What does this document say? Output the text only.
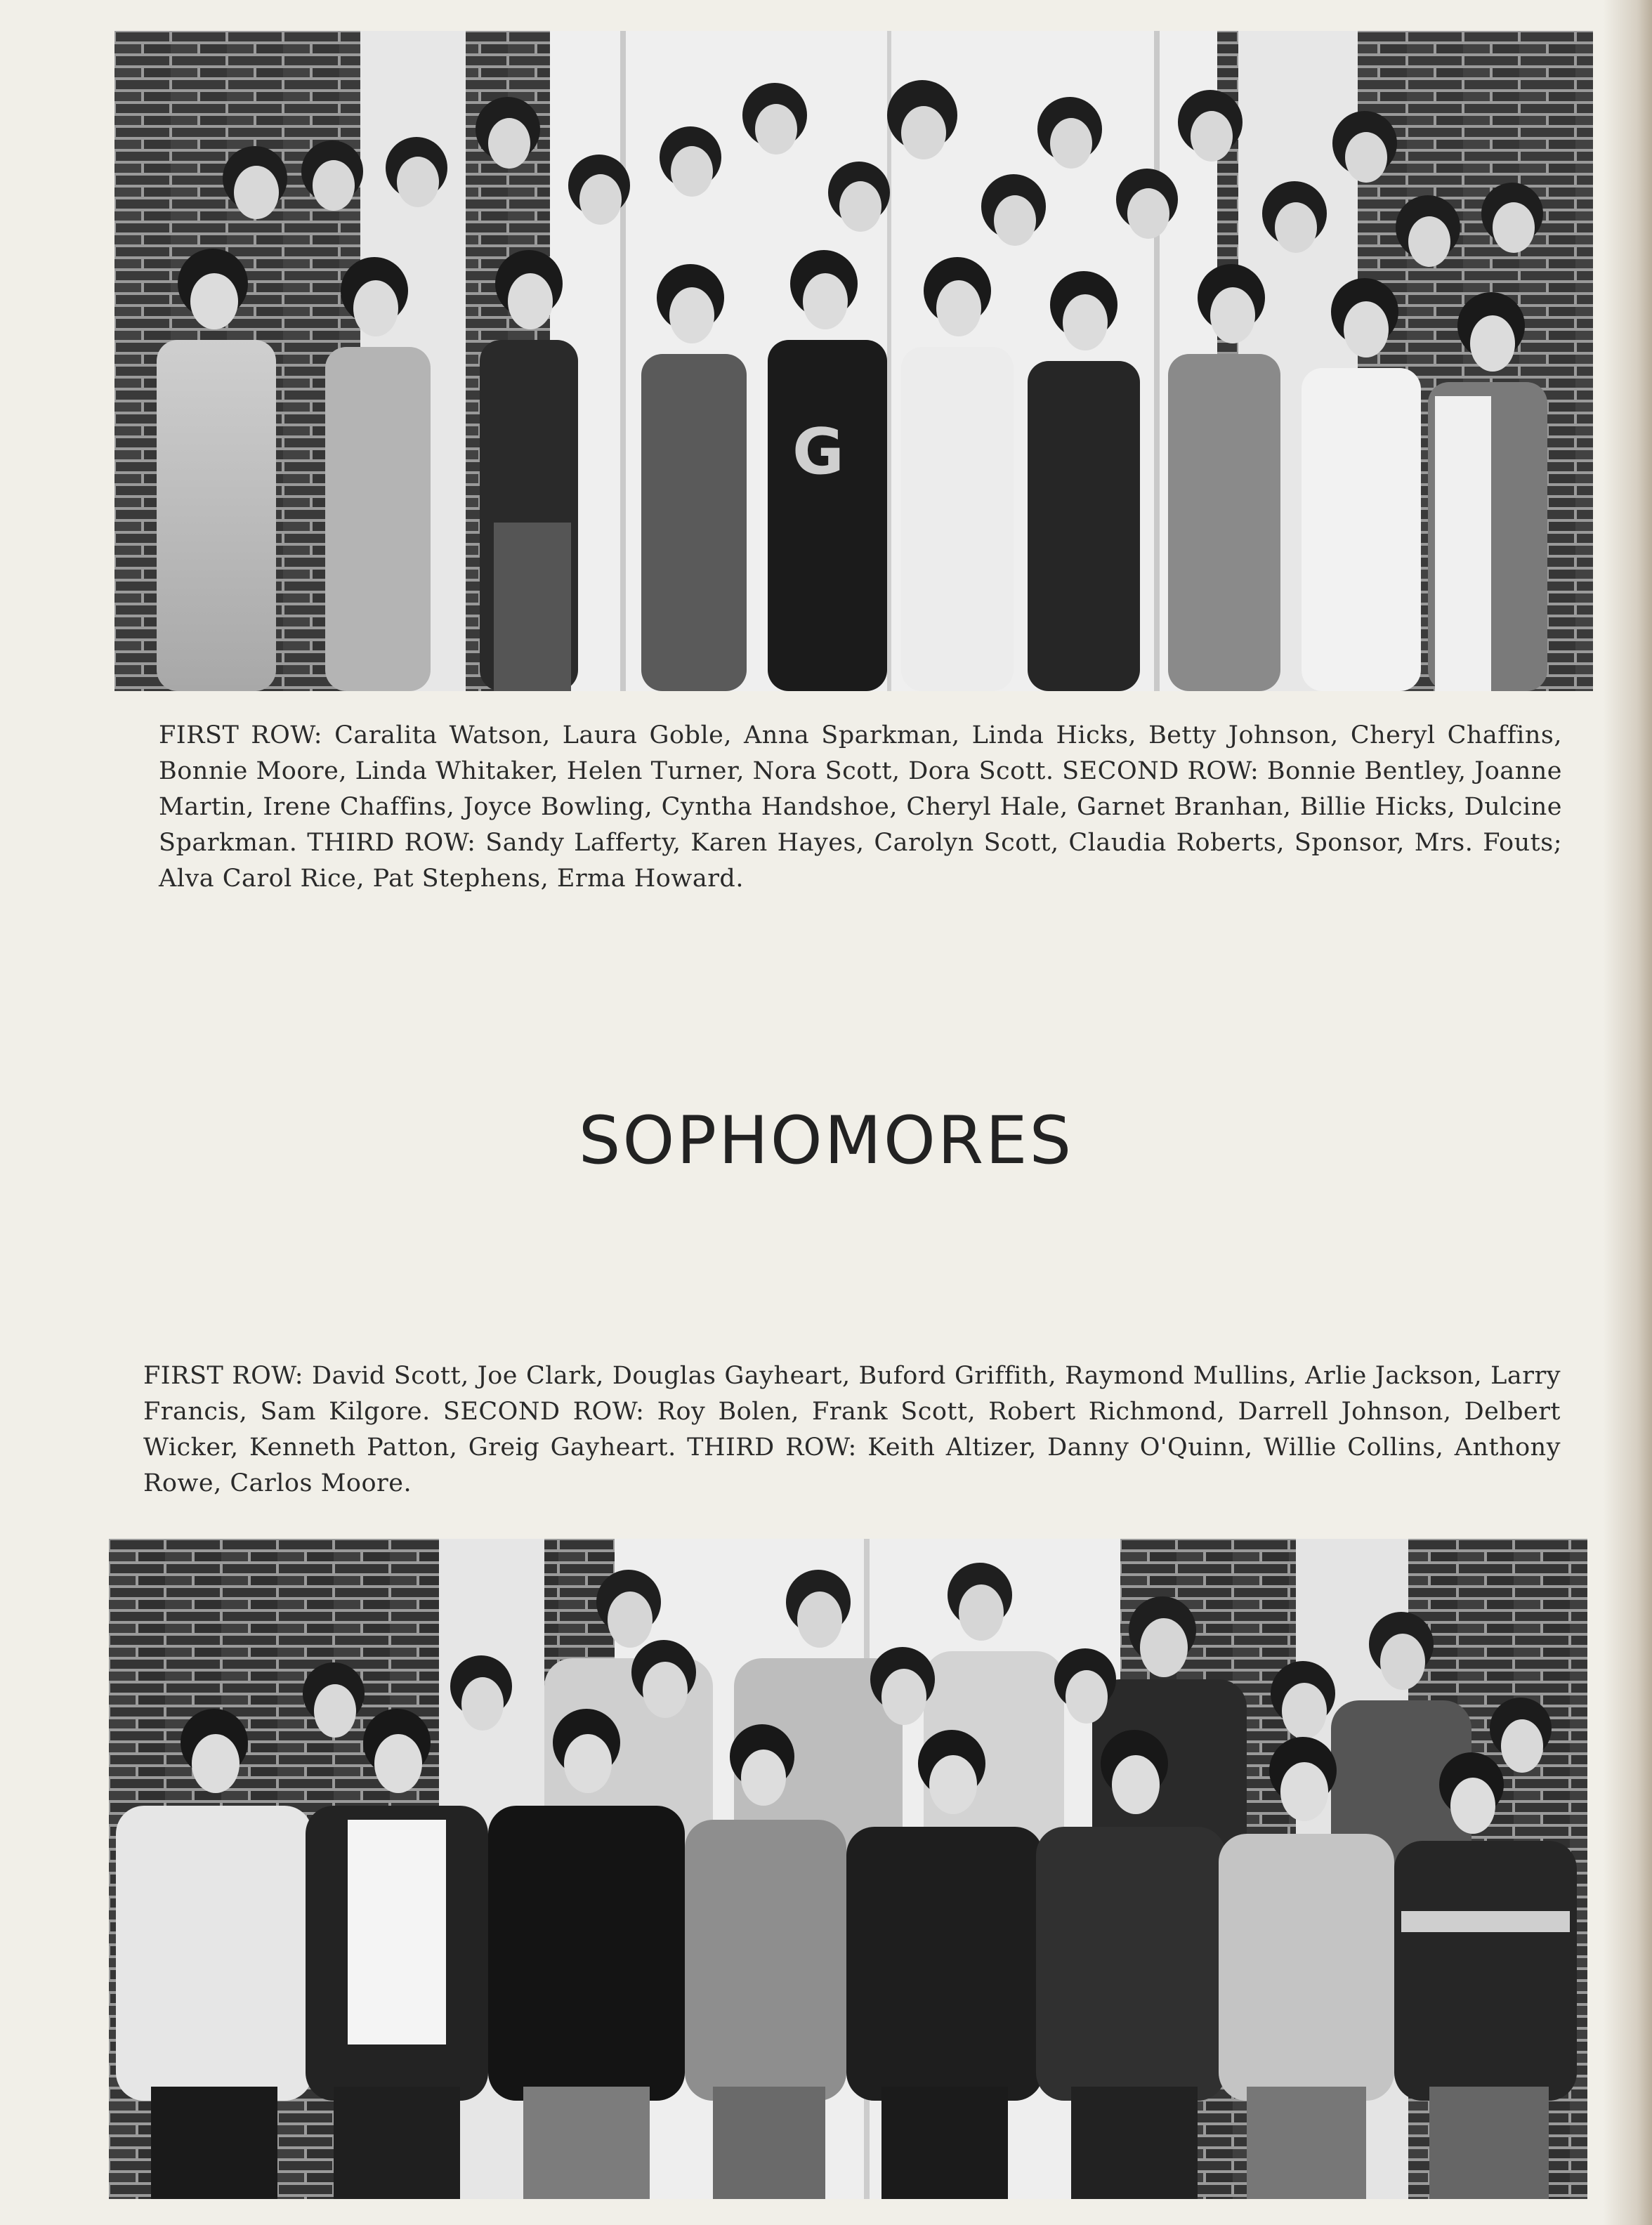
G

FIRST ROW: Caralita Watson, Laura Goble, Anna Sparkman, Linda Hicks, Betty Johnson, Cheryl Chaffins, Bonnie Moore, Linda Whitaker, Helen Turner, Nora Scott, Dora Scott. SECOND ROW: Bonnie Bentley, Joanne Martin, Irene Chaffins, Joyce Bowling, Cyntha Handshoe, Cheryl Hale, Garnet Branhan, Billie Hicks, Dulcine Sparkman. THIRD ROW: Sandy Lafferty, Karen Hayes, Carolyn Scott, Claudia Roberts, Sponsor, Mrs. Fouts; Alva Carol Rice, Pat Stephens, Erma Howard.

SOPHOMORES

FIRST ROW: David Scott, Joe Clark, Douglas Gayheart, Buford Griffith, Raymond Mullins, Arlie Jackson, Larry Francis, Sam Kilgore. SECOND ROW: Roy Bolen, Frank Scott, Robert Richmond, Darrell Johnson, Delbert Wicker, Kenneth Patton, Greig Gayheart. THIRD ROW: Keith Altizer, Danny O'Quinn, Willie Collins, Anthony Rowe, Carlos Moore.
